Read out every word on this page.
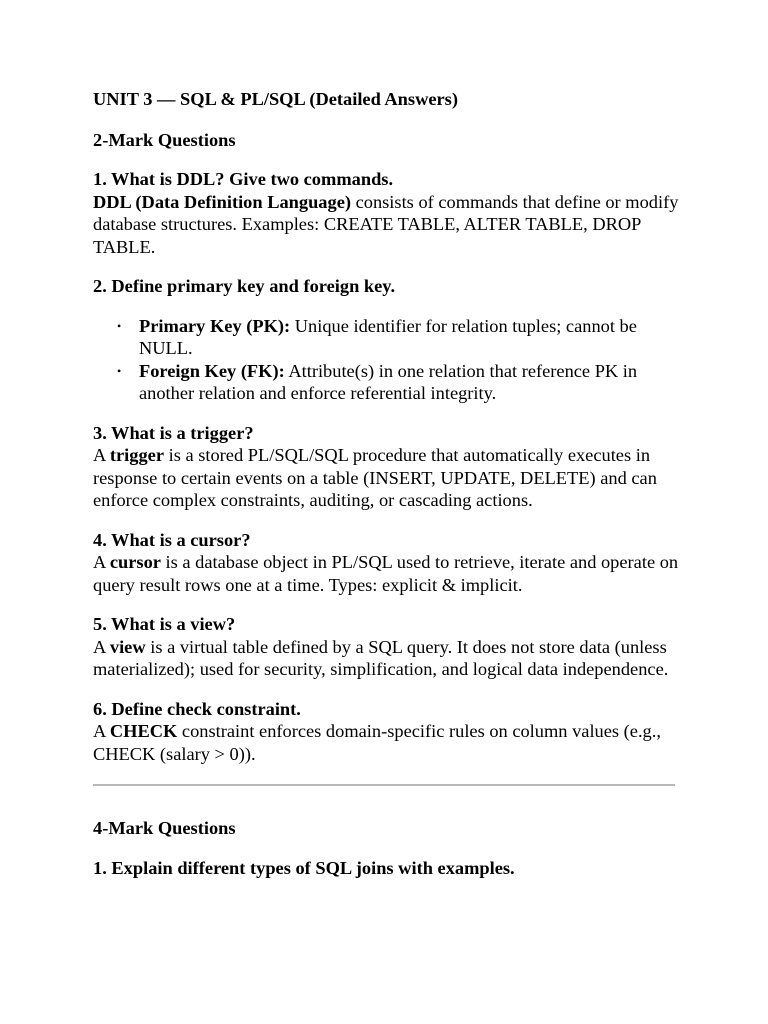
UNIT 3 — SQL & PL/SQL (Detailed Answers)

2-Mark Questions

1. What is DDL? Give two commands.

DDL (Data Definition Language) consists of commands that define or modify database structures. Examples: CREATE TABLE, ALTER TABLE, DROP TABLE.

2. Define primary key and foreign key.

• Primary Key (PK): Unique identifier for relation tuples; cannot be NULL.
• Foreign Key (FK): Attribute(s) in one relation that reference PK in another relation and enforce referential integrity.

3. What is a trigger?

A trigger is a stored PL/SQL/SQL procedure that automatically executes in response to certain events on a table (INSERT, UPDATE, DELETE) and can enforce complex constraints, auditing, or cascading actions.

4. What is a cursor?

A cursor is a database object in PL/SQL used to retrieve, iterate and operate on query result rows one at a time. Types: explicit & implicit.

5. What is a view?

A view is a virtual table defined by a SQL query. It does not store data (unless materialized); used for security, simplification, and logical data independence.

6. Define check constraint.

A CHECK constraint enforces domain-specific rules on column values (e.g., CHECK (salary > 0)).

4-Mark Questions

1. Explain different types of SQL joins with examples.
